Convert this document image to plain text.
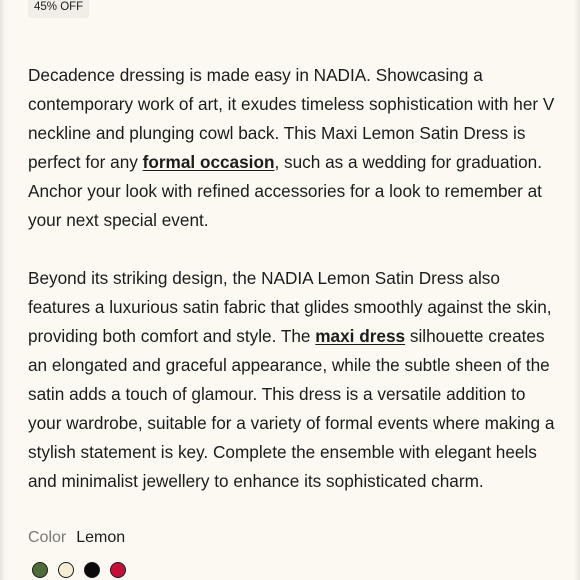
45% OFF

Decadence dressing is made easy in NADIA. Showcasing a contemporary work of art, it exudes timeless sophistication with her V neckline and plunging cowl back. This Maxi Lemon Satin Dress is perfect for any formal occasion, such as a wedding for graduation. Anchor your look with refined accessories for a look to remember at your next special event.

Beyond its striking design, the NADIA Lemon Satin Dress also features a luxurious satin fabric that glides smoothly against the skin, providing both comfort and style. The maxi dress silhouette creates an elongated and graceful appearance, while the subtle sheen of the satin adds a touch of glamour. This dress is a versatile addition to your wardrobe, suitable for a variety of formal events where making a stylish statement is key. Complete the ensemble with elegant heels and minimalist jewellery to enhance its sophisticated charm.

Color Lemon
